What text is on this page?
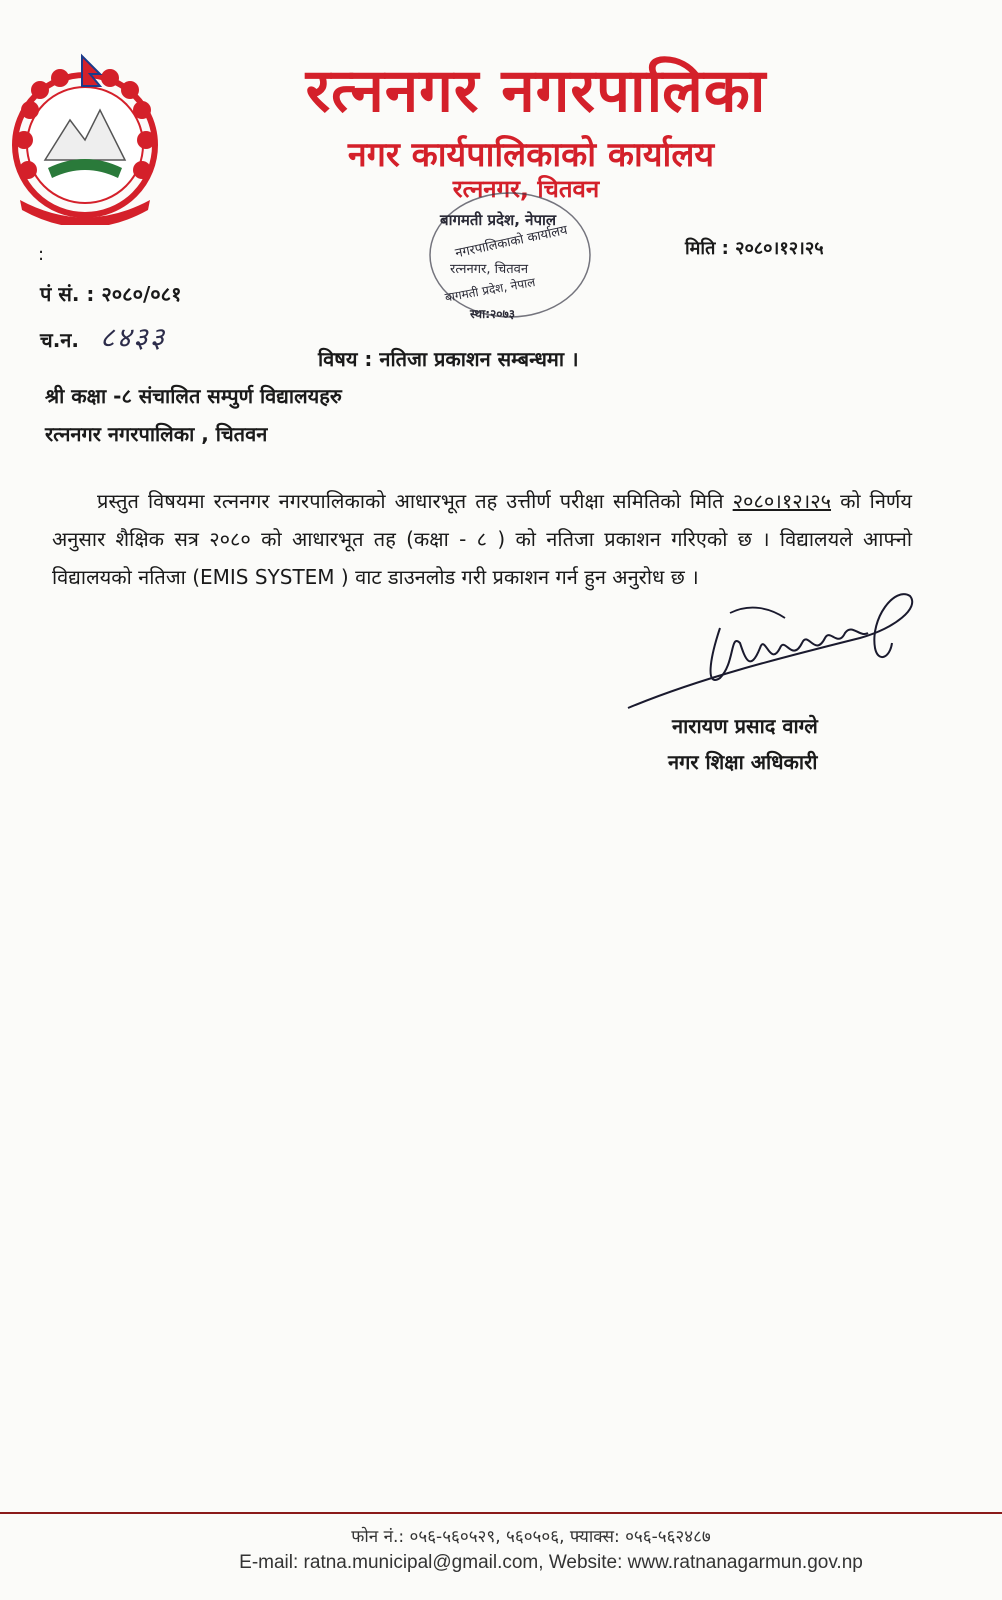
रत्ननगर नगरपालिका
नगर कार्यपालिकाको कार्यालय
रत्ननगर, चितवन
बागमती प्रदेश, नेपाल
नगरपालिकाको कार्यालय
रत्ननगर, चितवन
बागमती प्रदेश, नेपाल
स्था:२०७३
:	मिति : २०८०।१२।२५
पं सं. : २०८०/०८१
च.न. ८४३३
विषय : नतिजा प्रकाशन सम्बन्धमा ।
श्री कक्षा -८ संचालित सम्पुर्ण विद्यालयहरु
रत्ननगर नगरपालिका , चितवन
प्रस्तुत विषयमा रत्ननगर नगरपालिकाको आधारभूत तह उत्तीर्ण परीक्षा समितिको मिति २०८०।१२।२५ को निर्णय अनुसार शैक्षिक सत्र २०८० को आधारभूत तह (कक्षा - ८ ) को नतिजा प्रकाशन गरिएको छ । विद्यालयले आफ्नो विद्यालयको नतिजा (EMIS SYSTEM ) वाट डाउनलोड गरी प्रकाशन गर्न हुन अनुरोध छ ।
नारायण प्रसाद वाग्ले
नगर शिक्षा अधिकारी
फोन नं.: ०५६-५६०५२९, ५६०५०६, फ्याक्स: ०५६-५६२४८७
E-mail: ratna.municipal@gmail.com, Website: www.ratnanagarmun.gov.np
